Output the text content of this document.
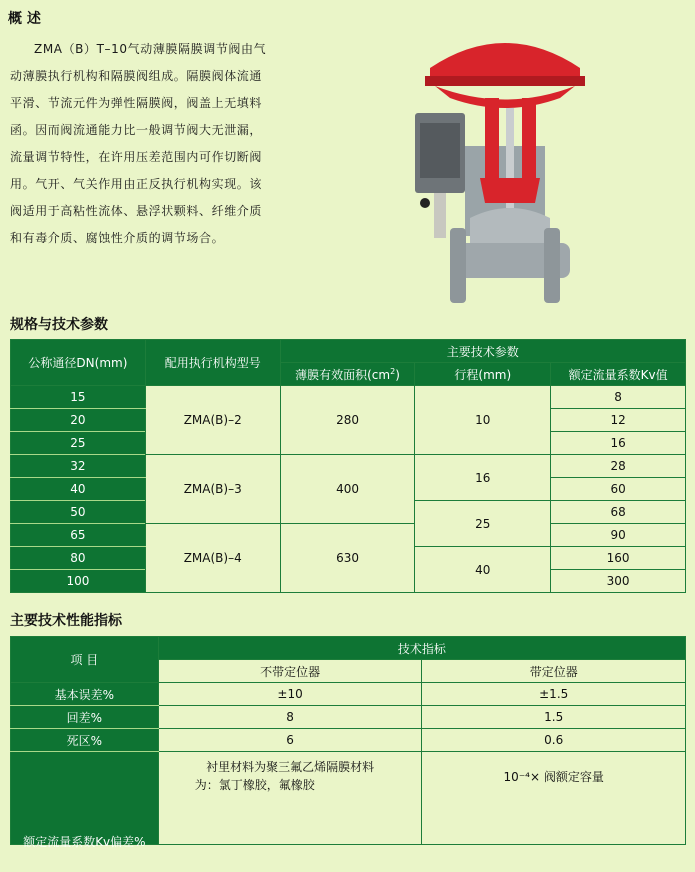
概 述
ZMA（B）T–10气动薄膜隔膜调节阀由气
动薄膜执行机构和隔膜阀组成。隔膜阀体流通
平滑、节流元件为弹性隔膜阀，阀盖上无填料
函。因而阀流通能力比一般调节阀大无泄漏，
流量调节特性，在许用压差范围内可作切断阀
用。气开、气关作用由正反执行机构实现。该
阀适用于高粘性流体、悬浮状颗料、纤维介质
和有毒介质、腐蚀性介质的调节场合。
规格与技术参数
公称通径DN(mm)	配用执行机构型号	主要技术参数		
		薄膜有效面积$(cm^2)$	行程(mm)	额定流量系数Kv值
15	ZMA(B)–2	280	10	8
20				12
25				16
32	ZMA(B)–3	400	16	28
40				60
50			25	68
65	ZMA(B)–4	630		90
80			40	160
100				300
主要技术性能指标
项 目	技术指标	
	不带定位器	带定位器
基本误差%	±10	±1.5
回差%	8	1.5
死区%	6	0.6
额定流量系数Kv偏差%	衬里材料为聚三氟乙烯隔膜材料
为：氯丁橡胶，氟橡胶	10⁻⁴× 阀额定容量
